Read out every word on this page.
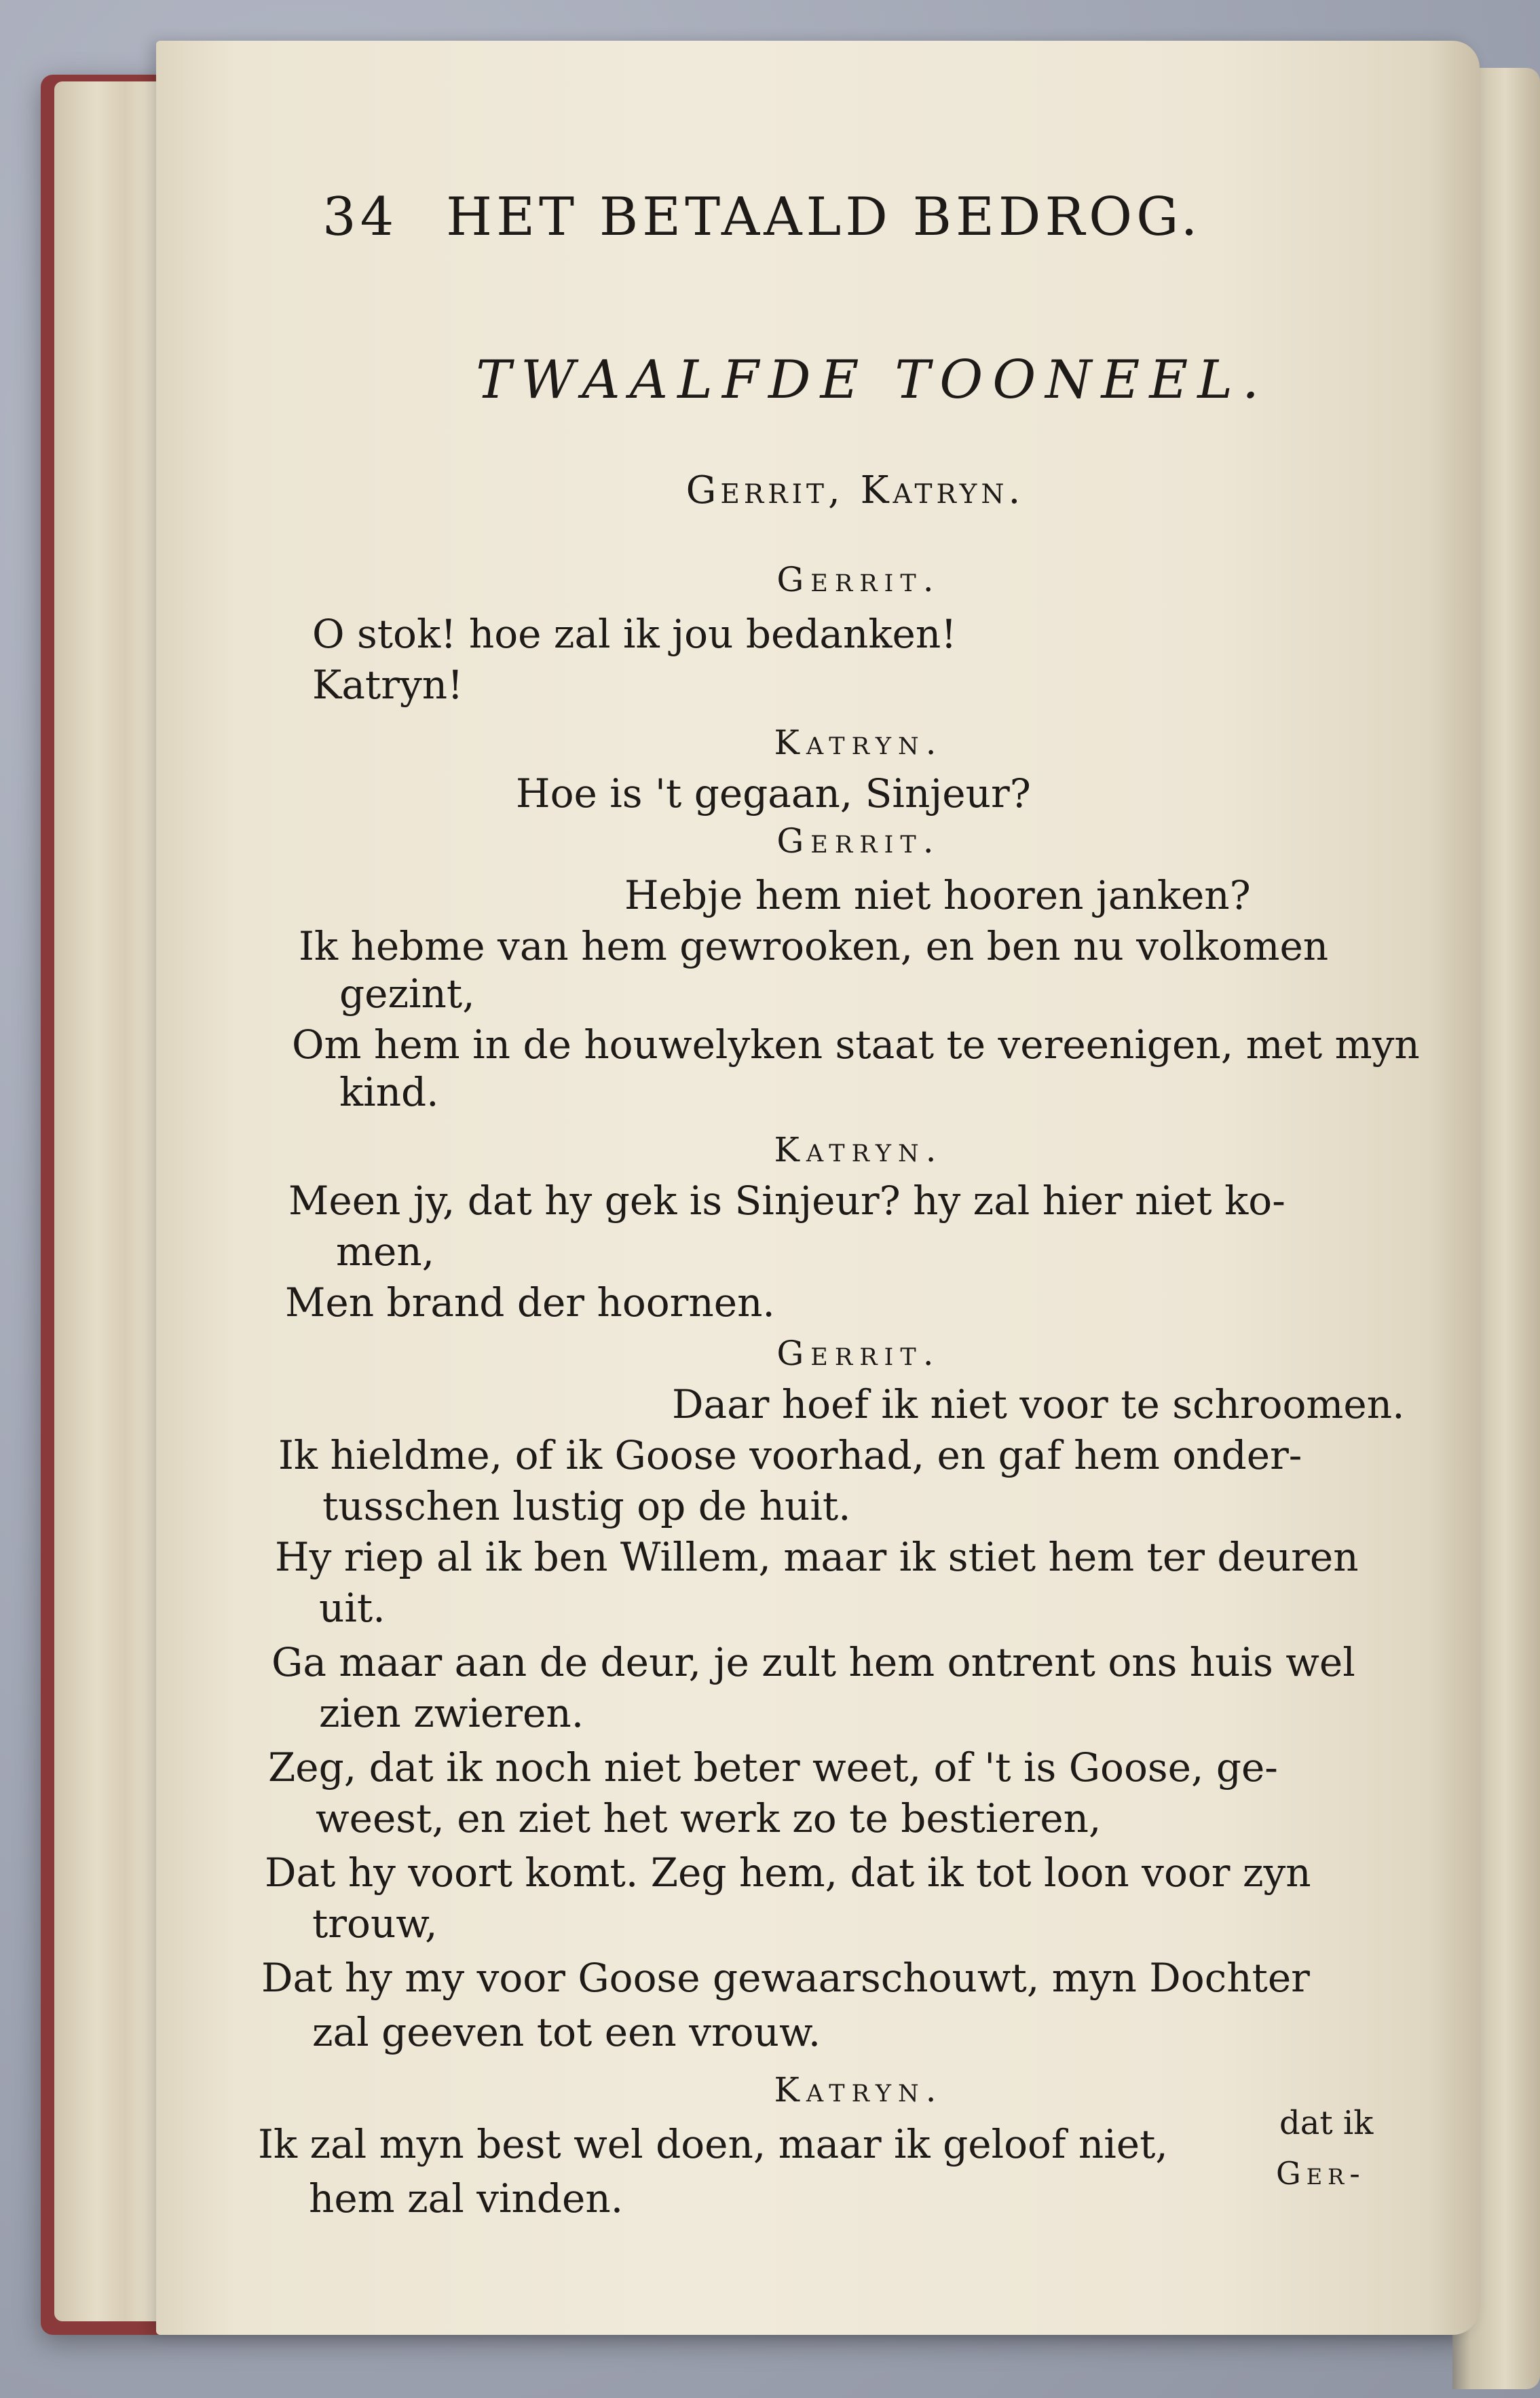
34 HET BETAALD BEDROG.
TWAALFDE TOONEEL.
Gerrit, Katryn.
Gerrit.
O stok! hoe zal ik jou bedanken!
Katryn!
Katryn.
Hoe is 't gegaan, Sinjeur?
Gerrit.
Hebje hem niet hooren janken?
Ik hebme van hem gewrooken, en ben nu volkomen
gezint,
Om hem in de houwelyken staat te vereenigen, met myn
kind.
Katryn.
Meen jy, dat hy gek is Sinjeur? hy zal hier niet ko-
men,
Men brand der hoornen.
Gerrit.
Daar hoef ik niet voor te schroomen.
Ik hieldme, of ik Goose voorhad, en gaf hem onder-
tusschen lustig op de huit.
Hy riep al ik ben Willem, maar ik stiet hem ter deuren
uit.
Ga maar aan de deur, je zult hem ontrent ons huis wel
zien zwieren.
Zeg, dat ik noch niet beter weet, of 't is Goose, ge-
weest, en ziet het werk zo te bestieren,
Dat hy voort komt. Zeg hem, dat ik tot loon voor zyn
trouw,
Dat hy my voor Goose gewaarschouwt, myn Dochter
zal geeven tot een vrouw.
Katryn.
Ik zal myn best wel doen, maar ik geloof niet,
hem zal vinden.
dat ik
Ger-
